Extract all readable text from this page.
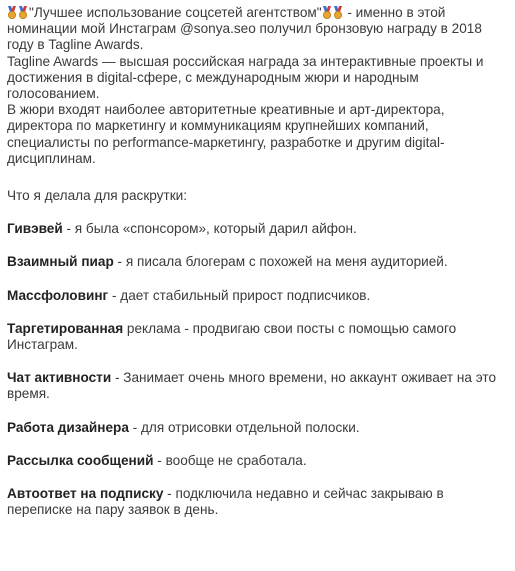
"Лучшее использование соцсетей агентством"
- именно в этой номинации мой Инстаграм @sonya.seo получил бронзовую награду в 2018 году в Tagline Awards.

Tagline Awards — высшая российская награда за интерактивные проекты и достижения в digital-сфере, с международным жюри и народным голосованием.

В жюри входят наиболее авторитетные креативные и арт-директора, директора по маркетингу и коммуникациям крупнейших компаний, специалисты по performance-маркетингу, разработке и другим digital-дисциплинам.

Что я делала для раскрутки:

Гивэвей - я была «спонсором», который дарил айфон.

Взаимный пиар - я писала блогерам с похожей на меня аудиторией.

Массфоловинг - дает стабильный прирост подписчиков.

Таргетированная реклама - продвигаю свои посты с помощью самого Инстаграм.

Чат активности - Занимает очень много времени, но аккаунт оживает на это время.

Работа дизайнера - для отрисовки отдельной полоски.

Рассылка сообщений - вообще не сработала.

Автоответ на подписку - подключила недавно и сейчас закрываю в переписке на пару заявок в день.
